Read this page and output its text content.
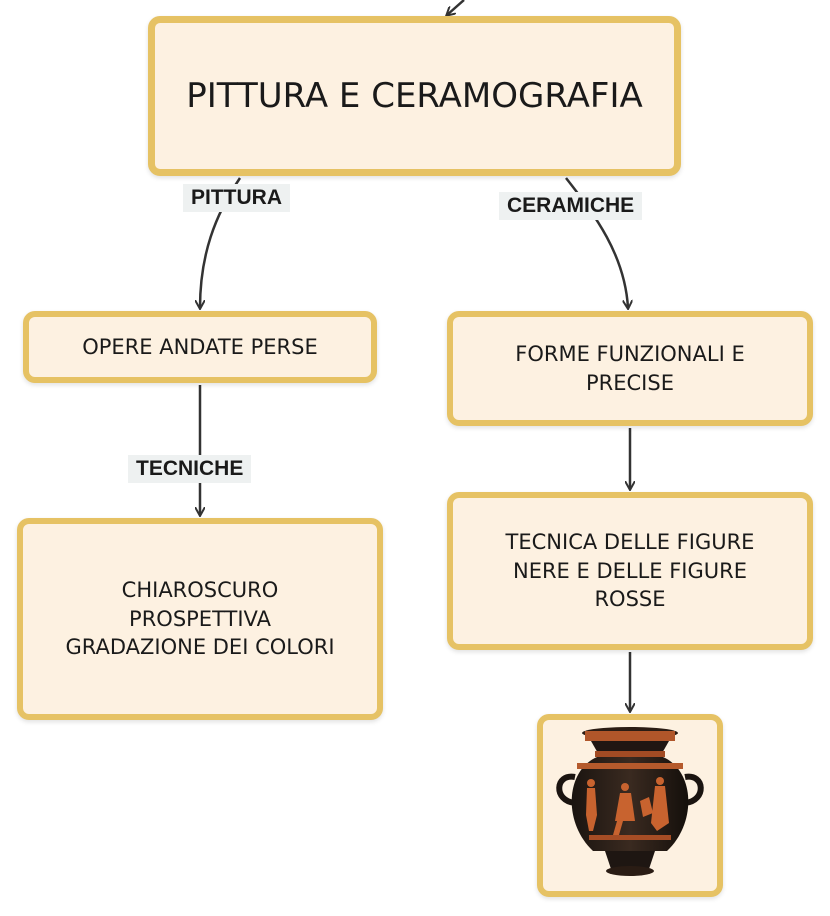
PITTURA E CERAMOGRAFIA
OPERE ANDATE PERSE	FORME FUNZIONALI E
PRECISE
CHIAROSCURO
PROSPETTIVA
GRADAZIONE DEI COLORI
TECNICA DELLE FIGURE
NERE E DELLE FIGURE
ROSSE
PITTURA	CERAMICHE
TECNICHE
